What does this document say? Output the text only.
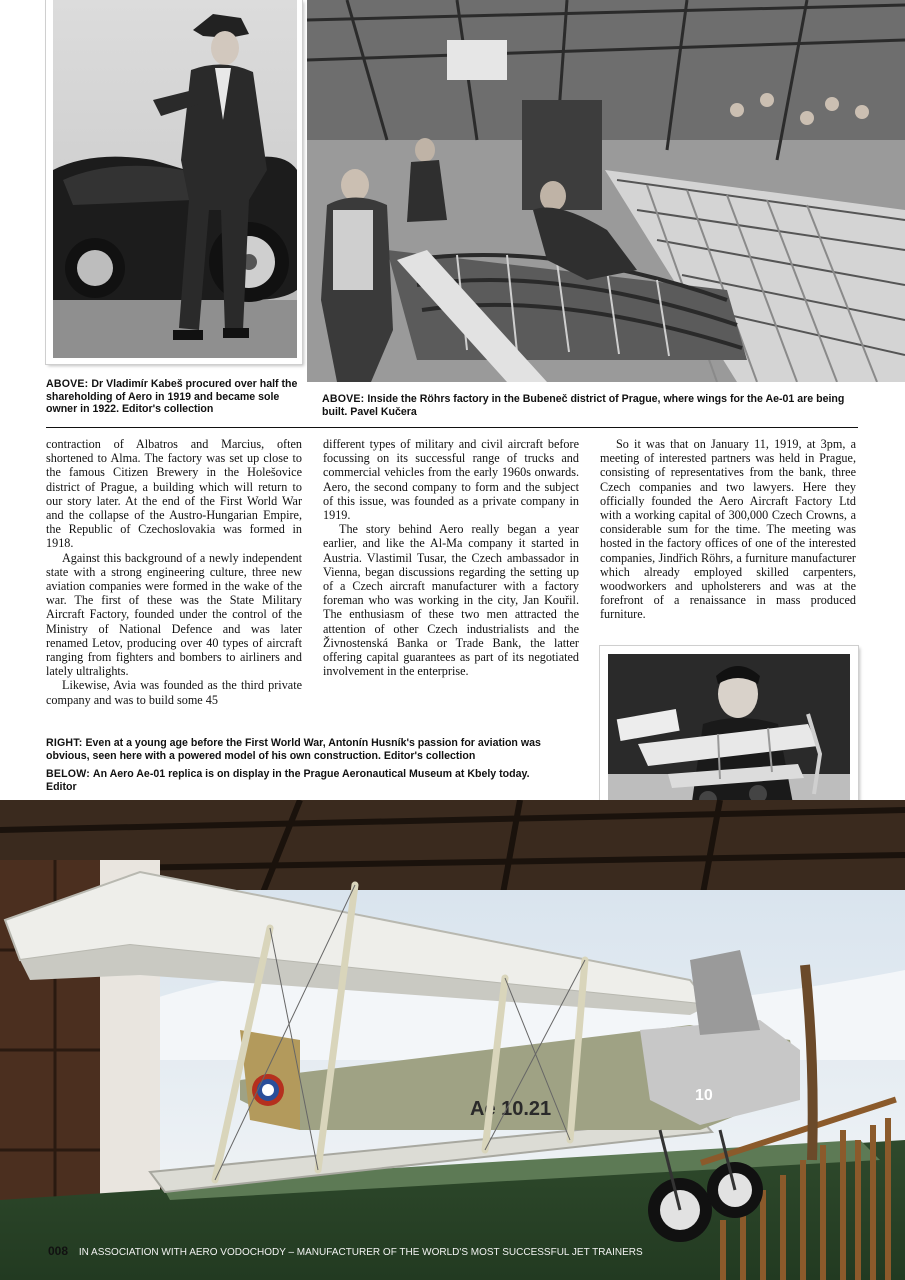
ABOVE: Dr Vladimír Kabeš procured over half the shareholding of Aero in 1919 and became sole owner in 1922. Editor's collection
ABOVE: Inside the Röhrs factory in the Bubeneč district of Prague, where wings for the Ae-01 are being built. Pavel Kučera

contraction of Albatros and Marcius, often shortened to Alma. The factory was set up close to the famous Citizen Brewery in the Holešovice district of Prague, a building which will return to our story later. At the end of the First World War and the collapse of the Austro-Hungarian Empire, the Republic of Czechoslovakia was formed in 1918.

Against this background of a newly independent state with a strong engineering culture, three new aviation companies were formed in the wake of the war. The first of these was the State Military Aircraft Factory, founded under the control of the Ministry of National Defence and was later renamed Letov, producing over 40 types of aircraft ranging from fighters and bombers to airliners and lately ultralights.

Likewise, Avia was founded as the third private company and was to build some 45

different types of military and civil aircraft before focussing on its successful range of trucks and commercial vehicles from the early 1960s onwards. Aero, the second company to form and the subject of this issue, was founded as a private company in 1919.

The story behind Aero really began a year earlier, and like the Al-Ma company it started in Austria. Vlastimil Tusar, the Czech ambassador in Vienna, began discussions regarding the setting up of a Czech aircraft manufacturer with a factory foreman who was working in the city, Jan Kouřil. The enthusiasm of these two men attracted the attention of other Czech industrialists and the Živnostenská Banka or Trade Bank, the latter offering capital guarantees as part of its negotiated involvement in the enterprise.

So it was that on January 11, 1919, at 3pm, a meeting of interested partners was held in Prague, consisting of representatives from the bank, three Czech companies and two lawyers. Here they officially founded the Aero Aircraft Factory Ltd with a working capital of 300,000 Czech Crowns, a considerable sum for the time. The meeting was hosted in the factory offices of one of the interested companies, Jindřich Röhrs, a furniture manufacturer which already employed skilled carpenters, woodworkers and upholsterers and was at the forefront of a renaissance in mass produced furniture.

RIGHT: Even at a young age before the First World War, Antonín Husník's passion for aviation was obvious, seen here with a powered model of his own construction. Editor's collection
BELOW: An Aero Ae-01 replica is on display in the Prague Aeronautical Museum at Kbely today. Editor
Ae 10.21
10
008 IN ASSOCIATION WITH AERO VODOCHODY – MANUFACTURER OF THE WORLD'S MOST SUCCESSFUL JET TRAINERS
